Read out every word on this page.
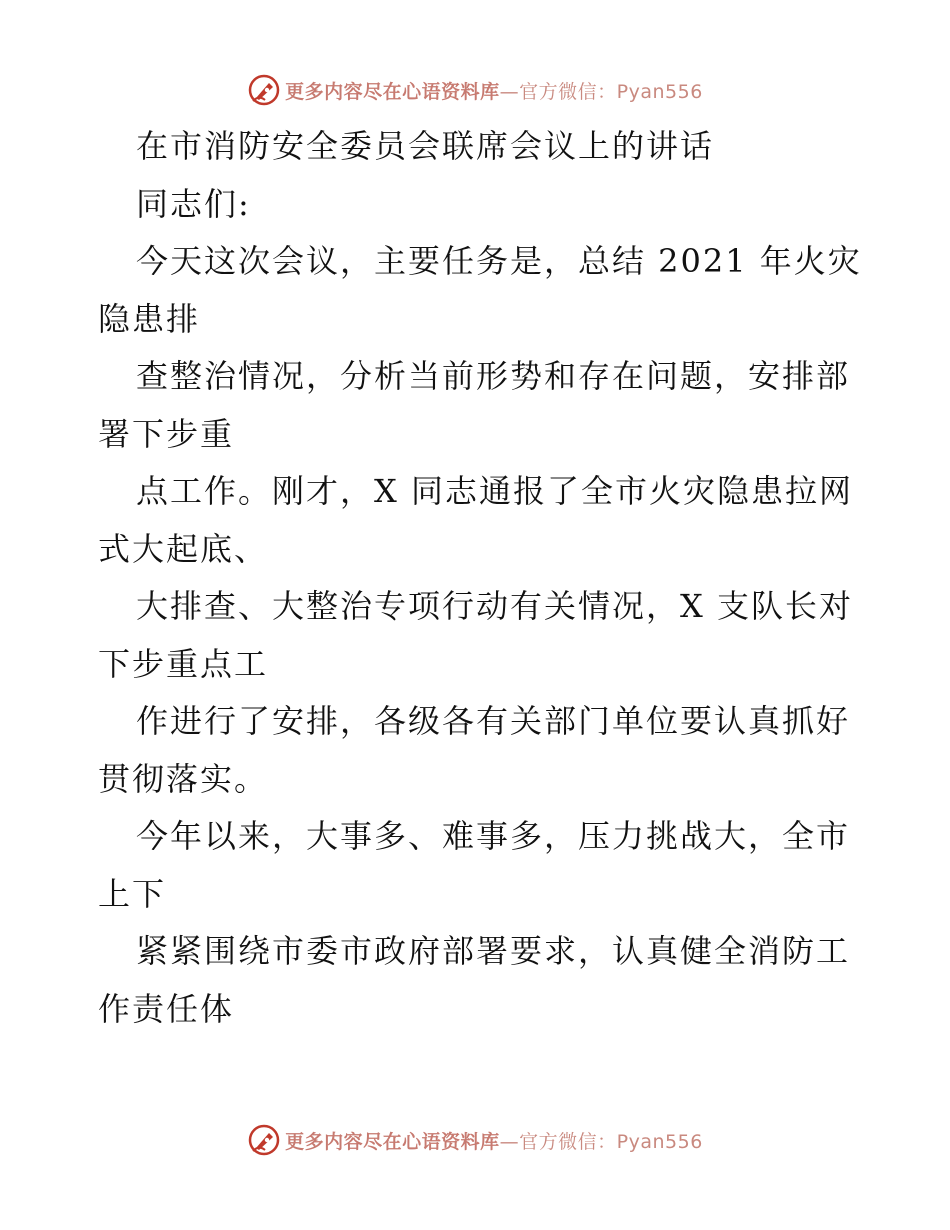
更多内容尽在心语资料库—官方微信：Pyan556
在市消防安全委员会联席会议上的讲话
同志们:
今天这次会议，主要任务是，总结 2021 年火灾
隐患排
查整治情况，分析当前形势和存在问题，安排部
署下步重
点工作。刚才，X 同志通报了全市火灾隐患拉网
式大起底、
大排查、大整治专项行动有关情况，X 支队长对
下步重点工
作进行了安排，各级各有关部门单位要认真抓好
贯彻落实。
今年以来，大事多、难事多，压力挑战大，全市
上下
紧紧围绕市委市政府部署要求，认真健全消防工
作责任体
更多内容尽在心语资料库—官方微信：Pyan556
